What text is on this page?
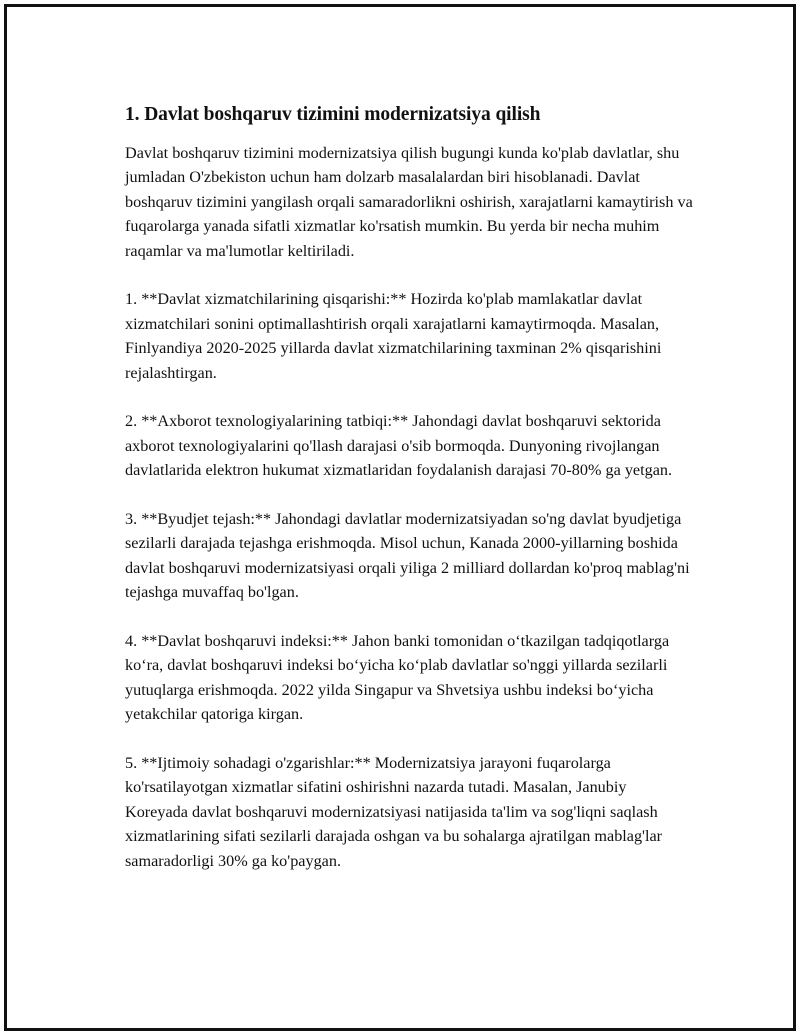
1. Davlat boshqaruv tizimini modernizatsiya qilish

Davlat boshqaruv tizimini modernizatsiya qilish bugungi kunda ko'plab davlatlar, shu jumladan O'zbekiston uchun ham dolzarb masalalardan biri hisoblanadi. Davlat boshqaruv tizimini yangilash orqali samaradorlikni oshirish, xarajatlarni kamaytirish va fuqarolarga yanada sifatli xizmatlar ko'rsatish mumkin. Bu yerda bir necha muhim raqamlar va ma'lumotlar keltiriladi.

1. **Davlat xizmatchilarining qisqarishi:** Hozirda ko'plab mamlakatlar davlat xizmatchilari sonini optimallashtirish orqali xarajatlarni kamaytirmoqda. Masalan, Finlyandiya 2020-2025 yillarda davlat xizmatchilarining taxminan 2% qisqarishini rejalashtirgan.

2. **Axborot texnologiyalarining tatbiqi:** Jahondagi davlat boshqaruvi sektorida axborot texnologiyalarini qo'llash darajasi o'sib bormoqda. Dunyoning rivojlangan davlatlarida elektron hukumat xizmatlaridan foydalanish darajasi 70-80% ga yetgan.

3. **Byudjet tejash:** Jahondagi davlatlar modernizatsiyadan so'ng davlat byudjetiga sezilarli darajada tejashga erishmoqda. Misol uchun, Kanada 2000-yillarning boshida davlat boshqaruvi modernizatsiyasi orqali yiliga 2 milliard dollardan ko'proq mablag'ni tejashga muvaffaq bo'lgan.

4. **Davlat boshqaruvi indeksi:** Jahon banki tomonidan o‘tkazilgan tadqiqotlarga ko‘ra, davlat boshqaruvi indeksi bo‘yicha ko‘plab davlatlar so'nggi yillarda sezilarli yutuqlarga erishmoqda. 2022 yilda Singapur va Shvetsiya ushbu indeksi bo‘yicha yetakchilar qatoriga kirgan.

5. **Ijtimoiy sohadagi o'zgarishlar:** Modernizatsiya jarayoni fuqarolarga ko'rsatilayotgan xizmatlar sifatini oshirishni nazarda tutadi. Masalan, Janubiy Koreyada davlat boshqaruvi modernizatsiyasi natijasida ta'lim va sog'liqni saqlash xizmatlarining sifati sezilarli darajada oshgan va bu sohalarga ajratilgan mablag'lar samaradorligi 30% ga ko'paygan.
